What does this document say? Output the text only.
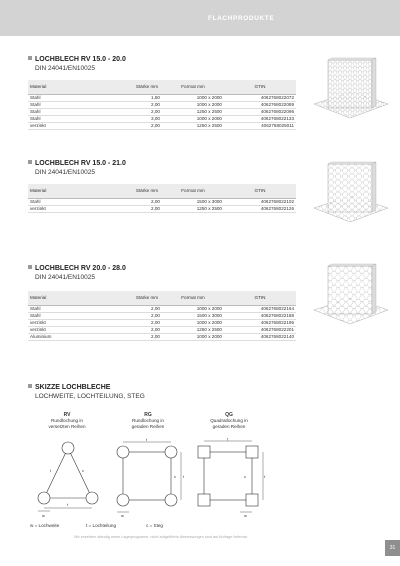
FLACHPRODUKTE
LOCHBLECH RV 15.0 - 20.0
DIN 24041/EN10025
Material	Stärke mm	Format mm	GTIN
Stahl	1,50	1000 x 2000	4062768022072
Stahl	2,00	1000 x 2000	4062768022089
Stahl	2,00	1250 x 2500	4062768022096
Stahl	3,00	1000 x 2000	4062768022133
verzinkt	2,00	1250 x 2500	4062768025011
LOCHBLECH RV 15.0 - 21.0
DIN 24041/EN10025
Material	Stärke mm	Format mm	GTIN
Stahl	2,00	1500 x 3000	4062768022102
verzinkt	2,00	1250 x 2500	4062768022126
LOCHBLECH RV 20.0 - 28.0
DIN 24041/EN10025
Material	Stärke mm	Format mm	GTIN
Stahl	2,00	1000 x 2000	4062768022164
Stahl	2,00	1500 x 3000	4062768022188
verzinkt	2,00	1000 x 2000	4062768022195
verzinkt	2,00	1250 x 2500	4062768022201
Aluminium	2,00	1000 x 2000	4062768022140
SKIZZE LOCHBLECHE
LOCHWEITE, LOCHTEILUNG, STEG
RV
Rundlochung in
versetzten Reihen
RG
Rundlochung in
geraden Reihen
QG
Quadratlochung in
geraden Reihen
t	c
t
w
t
t
c
w
t
t
c
w
w = Lochweite	t = Lochteilung	c = Steg
Wir erweitern ständig unser Lagerprogramm, nicht aufgeführte Abmessungen sind auf Anfrage lieferbar.
31
